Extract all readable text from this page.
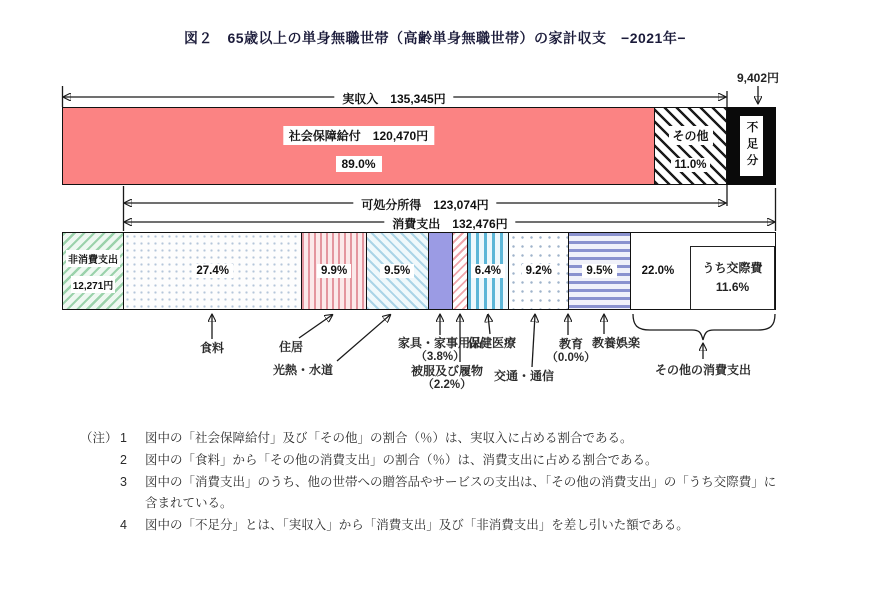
図２　65歳以上の単身無職世帯（高齢単身無職世帯）の家計収支　−2021年−
実収入　135,345円
9,402円
社会保障給付　120,470円
89.0%
その他
11.0%	不足分
可処分所得　123,074円
消費支出　132,476円
非消費支出
12,271円
27.4%	9.9%	9.5%	6.4%	9.2%	9.5%	22.0%	うち交際費
11.6%
食料	住居
光熱・水道
家具・家事用品
（3.8%）
被服及び履物
（2.2%）
保健医療
交通・通信
教育
（0.0%）
教養娯楽
その他の消費支出
（注） 1	図中の「社会保障給付」及び「その他」の割合（％）は、実収入に占める割合である。
2	図中の「食料」から「その他の消費支出」の割合（％）は、消費支出に占める割合である。
3	図中の「消費支出」のうち、他の世帯への贈答品やサービスの支出は、「その他の消費支出」の「うち交際費」に含まれている。
4	図中の「不足分」とは、「実収入」から「消費支出」及び「非消費支出」を差し引いた額である。
